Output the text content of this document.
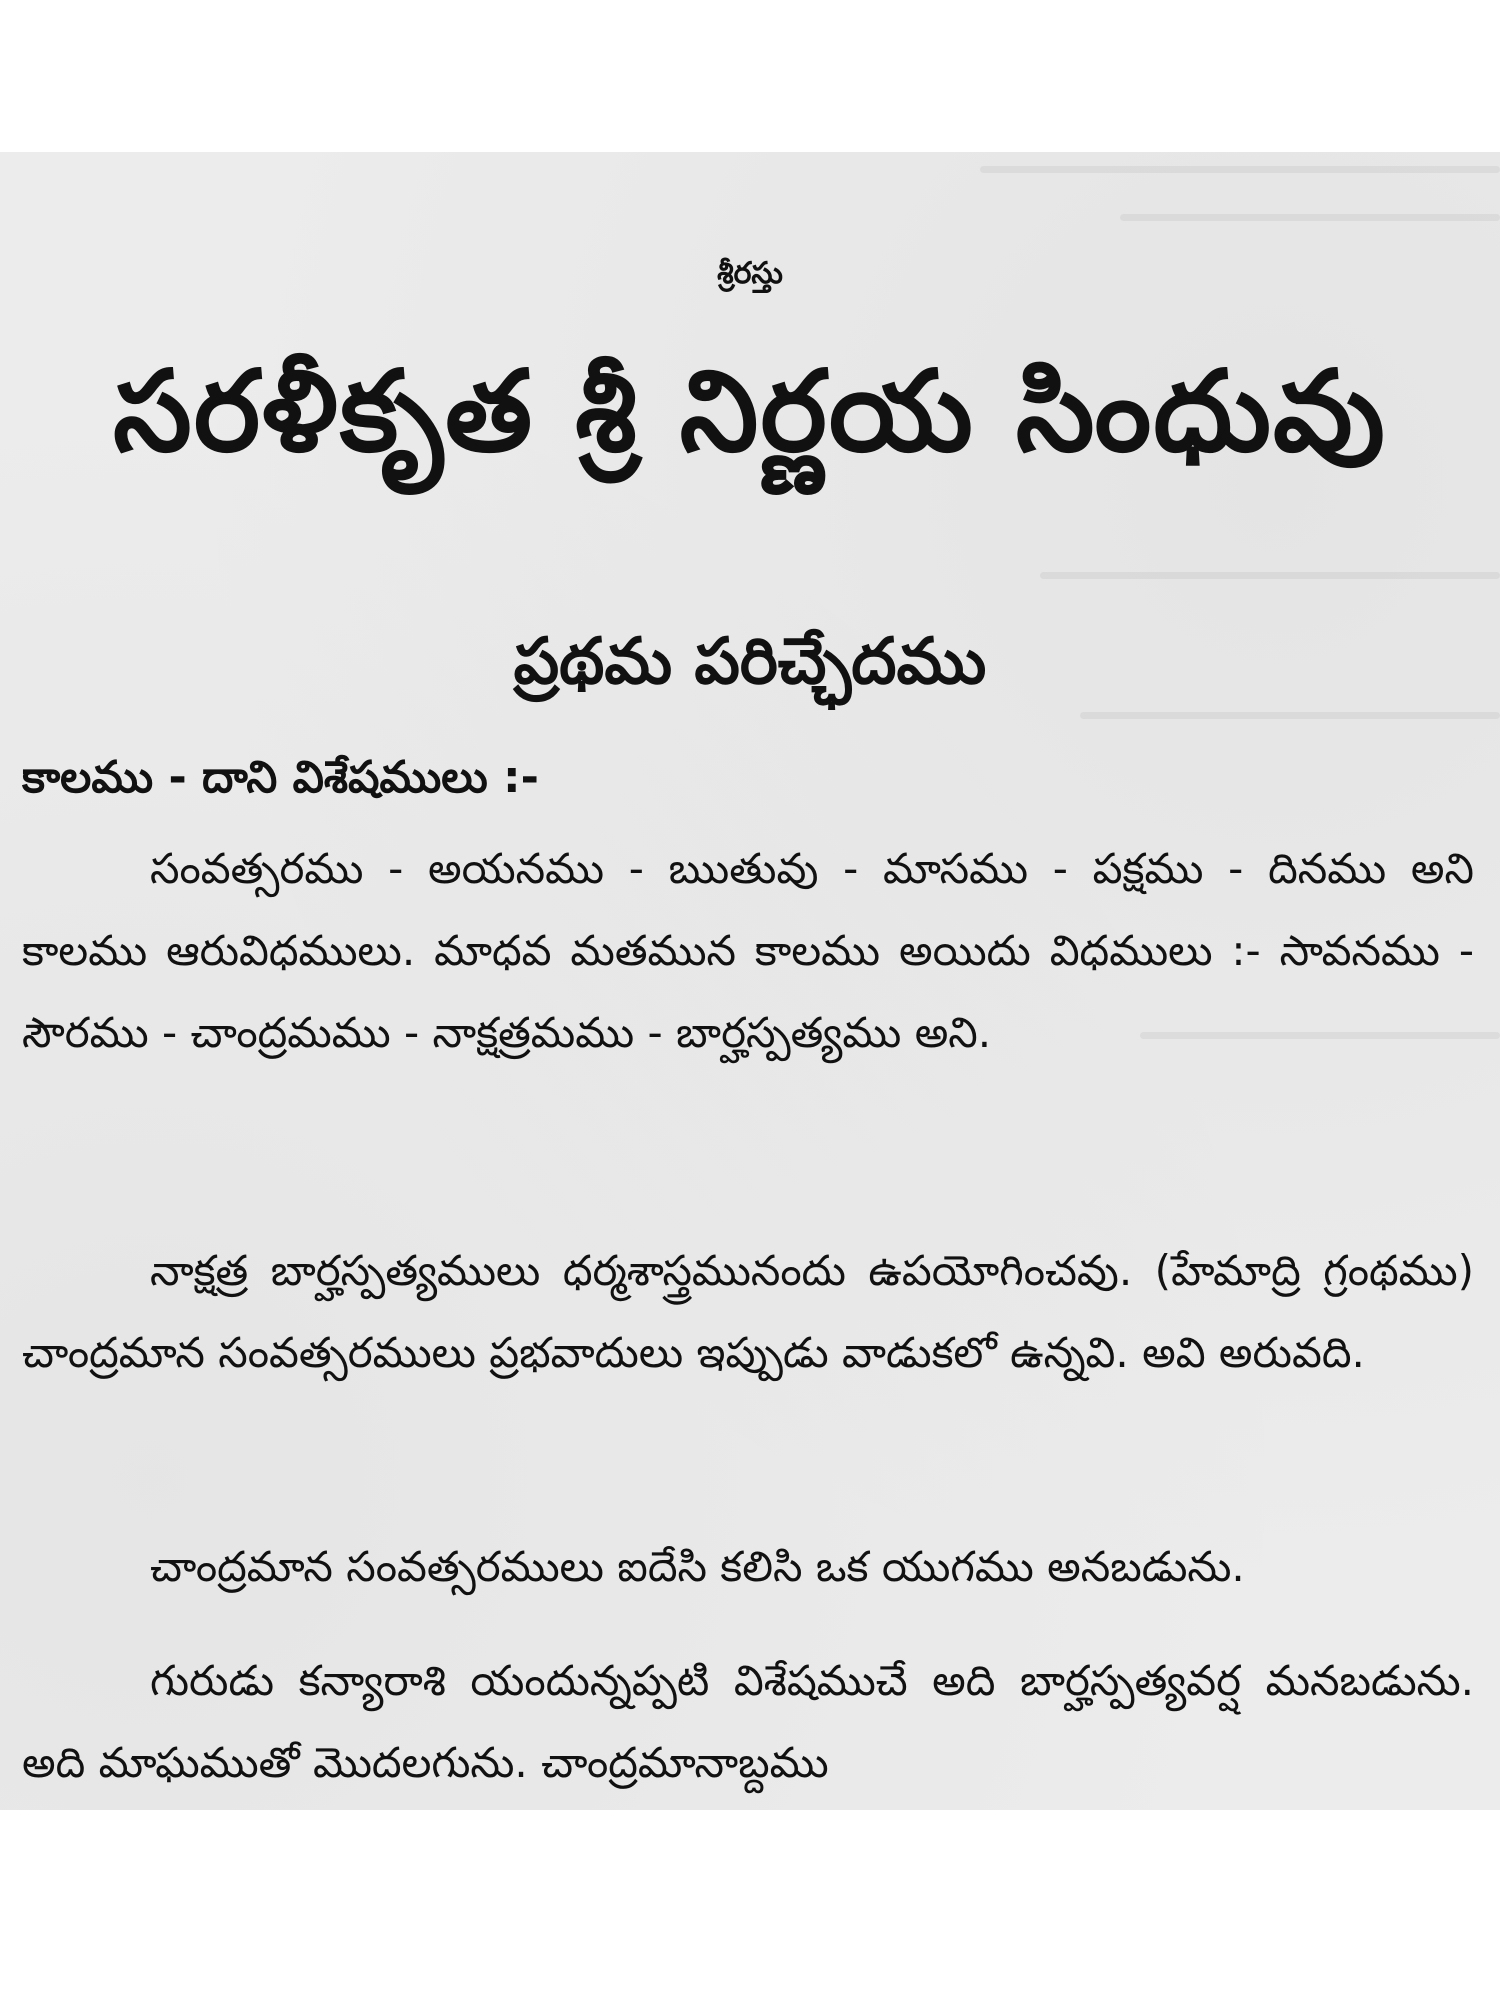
శ్రీరస్తు
సరళీకృత శ్రీ నిర్ణయ సింధువు
ప్రథమ పరిచ్ఛేదము
కాలము - దాని విశేషములు :-

సంవత్సరము - అయనము - ఋతువు - మాసము - పక్షము - దినము అని కాలము ఆరువిధములు. మాధవ మతమున కాలము అయిదు విధములు :- సావనము - సౌరము - చాంద్రమము - నాక్షత్రమము - బార్హస్పత్యము అని.

నాక్షత్ర బార్హస్పత్యములు ధర్మశాస్త్రమునందు ఉపయోగించవు. (హేమాద్రి గ్రంథము) చాంద్రమాన సంవత్సరములు ప్రభవాదులు ఇప్పుడు వాడుకలో ఉన్నవి. అవి అరువది.

చాంద్రమాన సంవత్సరములు ఐదేసి కలిసి ఒక యుగము అనబడును.

గురుడు కన్యారాశి యందున్నప్పటి విశేషముచే అది బార్హస్పత్యవర్ష మనబడును. అది మాఘముతో మొదలగును. చాంద్రమానాబ్దము
